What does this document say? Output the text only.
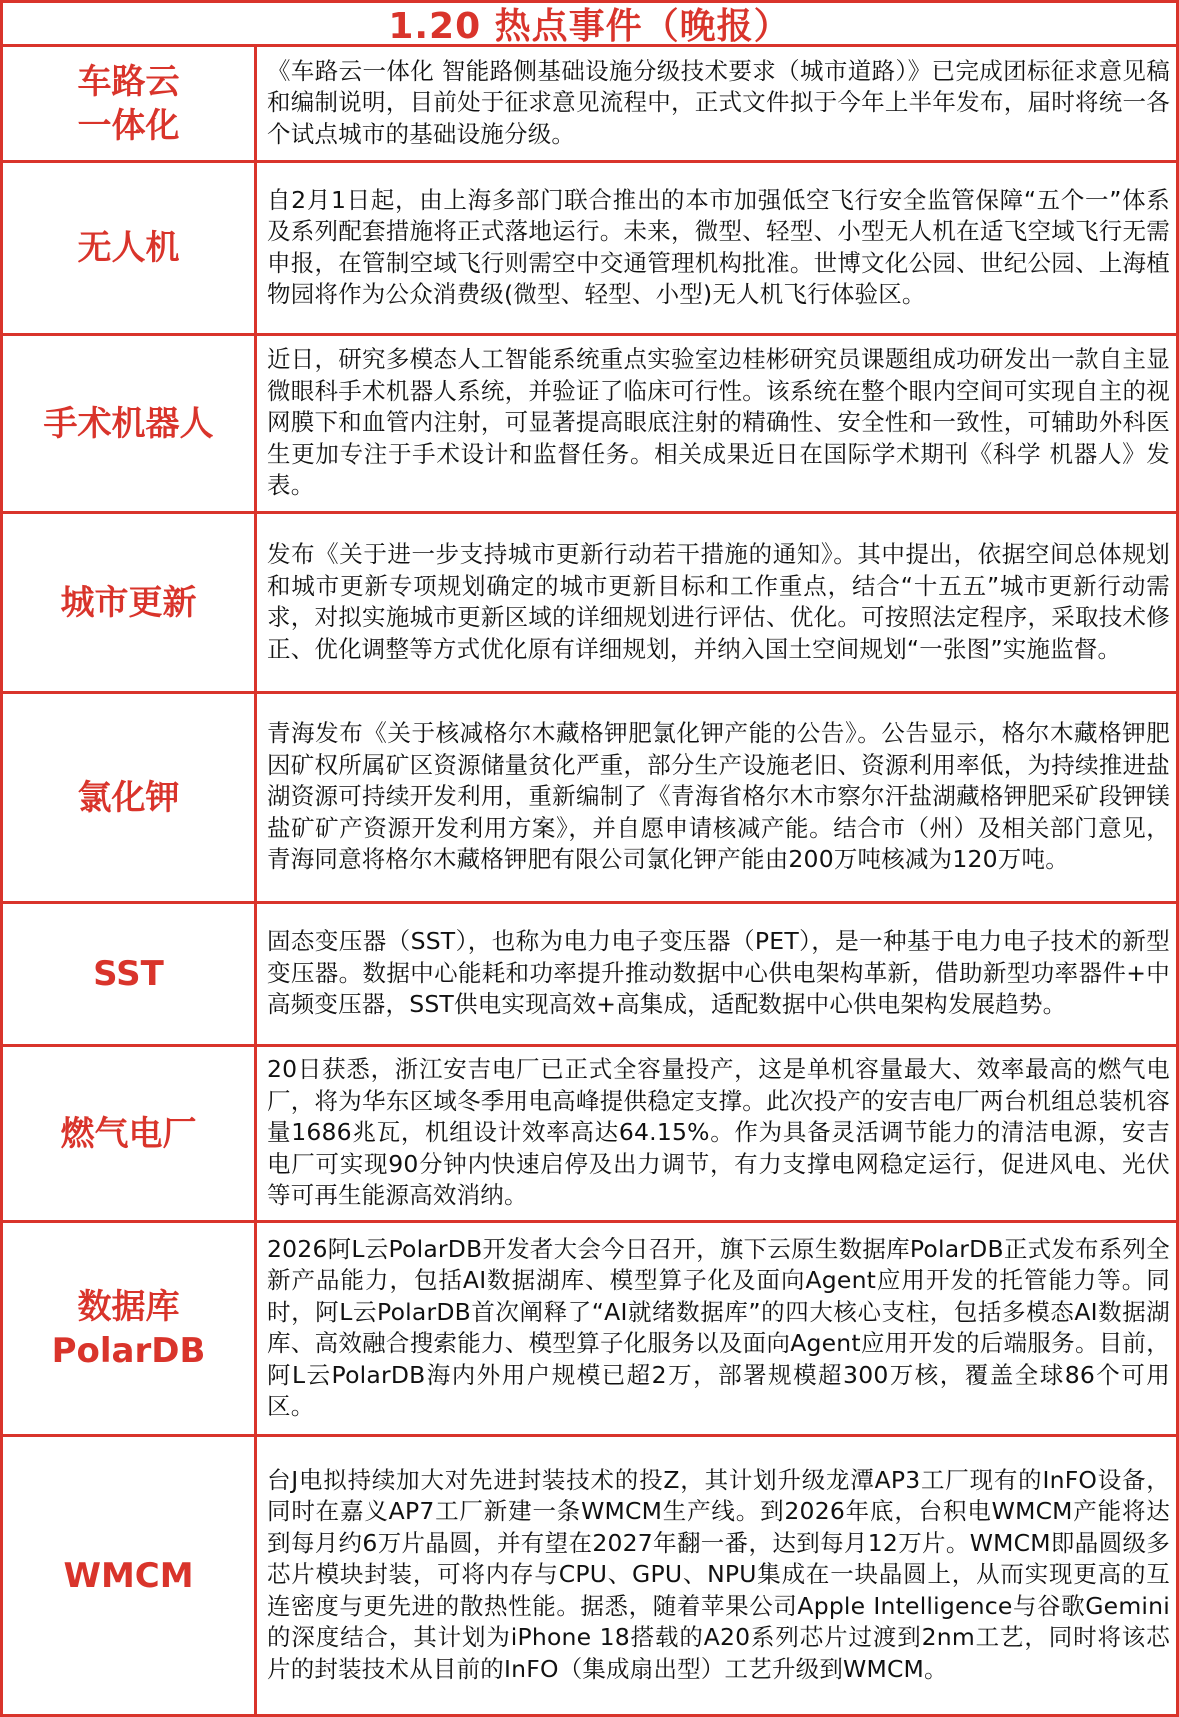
1.20 热点事件（晚报）
车路云
一体化	《车路云一体化 智能路侧基础设施分级技术要求（城市道路）》已完成团标征求意见稿和编制说明，目前处于征求意见流程中，正式文件拟于今年上半年发布，届时将统一各个试点城市的基础设施分级。

无人机	自2月1日起，由上海多部门联合推出的本市加强低空飞行安全监管保障“五个一”体系及系列配套措施将正式落地运行。未来，微型、轻型、小型无人机在适飞空域飞行无需申报，在管制空域飞行则需空中交通管理机构批准。世博文化公园、世纪公园、上海植物园将作为公众消费级(微型、轻型、小型)无人机飞行体验区。

手术机器人	近日，研究多模态人工智能系统重点实验室边桂彬研究员课题组成功研发出一款自主显微眼科手术机器人系统，并验证了临床可行性。该系统在整个眼内空间可实现自主的视网膜下和血管内注射，可显著提高眼底注射的精确性、安全性和一致性，可辅助外科医生更加专注于手术设计和监督任务。相关成果近日在国际学术期刊《科学 机器人》发表。

城市更新	发布《关于进一步支持城市更新行动若干措施的通知》。其中提出，依据空间总体规划和城市更新专项规划确定的城市更新目标和工作重点，结合“十五五”城市更新行动需求，对拟实施城市更新区域的详细规划进行评估、优化。可按照法定程序，采取技术修正、优化调整等方式优化原有详细规划，并纳入国土空间规划“一张图”实施监督。

氯化钾	青海发布《关于核减格尔木藏格钾肥氯化钾产能的公告》。公告显示，格尔木藏格钾肥因矿权所属矿区资源储量贫化严重，部分生产设施老旧、资源利用率低，为持续推进盐湖资源可持续开发利用，重新编制了《青海省格尔木市察尔汗盐湖藏格钾肥采矿段钾镁盐矿矿产资源开发利用方案》，并自愿申请核减产能。结合市（州）及相关部门意见，青海同意将格尔木藏格钾肥有限公司氯化钾产能由200万吨核减为120万吨。

SST	固态变压器（SST），也称为电力电子变压器（PET），是一种基于电力电子技术的新型变压器。数据中心能耗和功率提升推动数据中心供电架构革新，借助新型功率器件+中高频变压器，SST供电实现高效+高集成，适配数据中心供电架构发展趋势。

燃气电厂	20日获悉，浙江安吉电厂已正式全容量投产，这是单机容量最大、效率最高的燃气电厂，将为华东区域冬季用电高峰提供稳定支撑。此次投产的安吉电厂两台机组总装机容量1686兆瓦，机组设计效率高达64.15%。作为具备灵活调节能力的清洁电源，安吉电厂可实现90分钟内快速启停及出力调节，有力支撑电网稳定运行，促进风电、光伏等可再生能源高效消纳。

数据库
PolarDB	2026阿L云PolarDB开发者大会今日召开，旗下云原生数据库PolarDB正式发布系列全新产品能力，包括AI数据湖库、模型算子化及面向Agent应用开发的托管能力等。同时，阿L云PolarDB首次阐释了“AI就绪数据库”的四大核心支柱，包括多模态AI数据湖库、高效融合搜索能力、模型算子化服务以及面向Agent应用开发的后端服务。目前，阿L云PolarDB海内外用户规模已超2万，部署规模超300万核，覆盖全球86个可用区。

WMCM	台J电拟持续加大对先进封装技术的投Z，其计划升级龙潭AP3工厂现有的InFO设备，同时在嘉义AP7工厂新建一条WMCM生产线。到2026年底，台积电WMCM产能将达到每月约6万片晶圆，并有望在2027年翻一番，达到每月12万片。WMCM即晶圆级多芯片模块封装，可将内存与CPU、GPU、NPU集成在一块晶圆上，从而实现更高的互连密度与更先进的散热性能。据悉，随着苹果公司Apple Intelligence与谷歌Gemini的深度结合，其计划为iPhone 18搭载的A20系列芯片过渡到2nm工艺，同时将该芯片的封装技术从目前的InFO（集成扇出型）工艺升级到WMCM。
